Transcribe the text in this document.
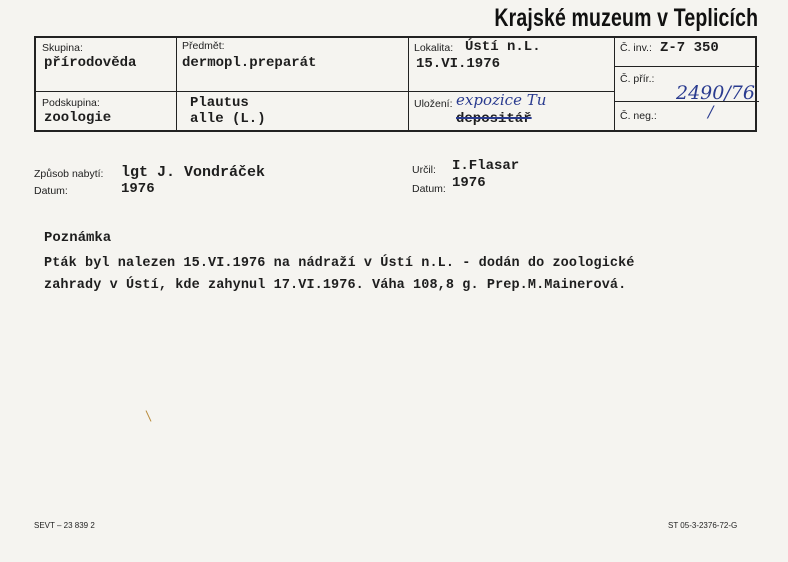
Krajské muzeum v Teplicích
Skupina:
přírodověda
Předmět:
dermopl.preparát
Lokalita: Ústí n.L.
15.VI.1976
Č. inv.: Z-7 350
Č. přír.:
2490/76
Č. neg.:	/
Podskupina:
zoologie
Plautus
alle (L.)
Uložení: expozice Tu
depositář
Způsob nabytí: lgt J. Vondráček
Datum:	1976
Určil: I.Flasar
Datum: 1976
Poznámka
Pták byl nalezen 15.VI.1976 na nádraží v Ústí n.L. - dodán do zoologické
zahrady v Ústí, kde zahynul 17.VI.1976. Váha 108,8 g. Prep.M.Mainerová.
SEVT – 23 839 2	ST 05-3-2376-72-G
